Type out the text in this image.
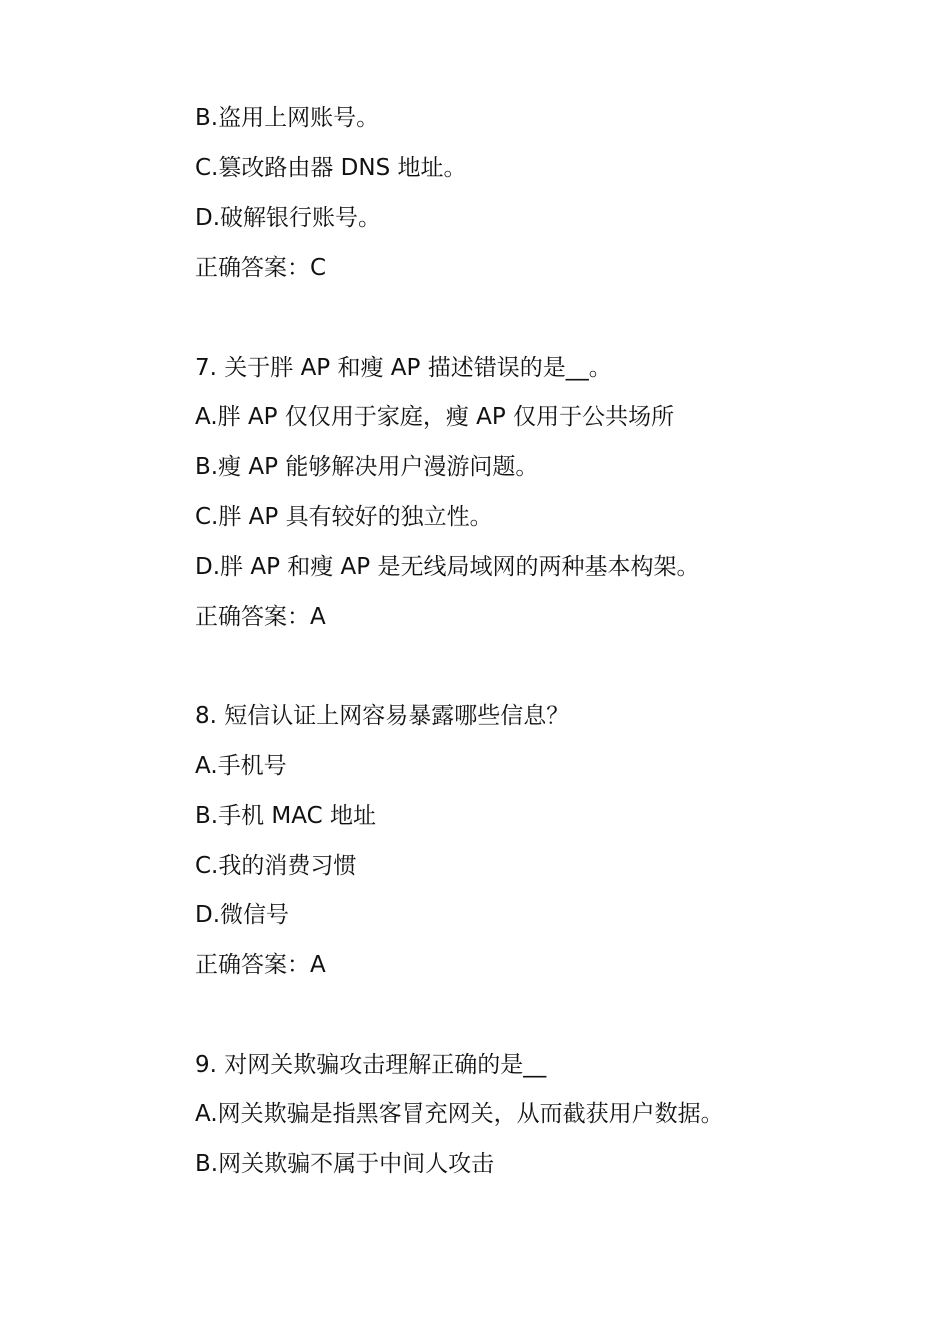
B.盗用上网账号。
C.篡改路由器 DNS 地址。
D.破解银行账号。
正确答案：C
7. 关于胖 AP 和瘦 AP 描述错误的是__。
A.胖 AP 仅仅用于家庭，瘦 AP 仅用于公共场所
B.瘦 AP 能够解决用户漫游问题。
C.胖 AP 具有较好的独立性。
D.胖 AP 和瘦 AP 是无线局域网的两种基本构架。
正确答案：A
8. 短信认证上网容易暴露哪些信息？
A.手机号
B.手机 MAC 地址
C.我的消费习惯
D.微信号
正确答案：A
9. 对网关欺骗攻击理解正确的是__
A.网关欺骗是指黑客冒充网关，从而截获用户数据。
B.网关欺骗不属于中间人攻击
